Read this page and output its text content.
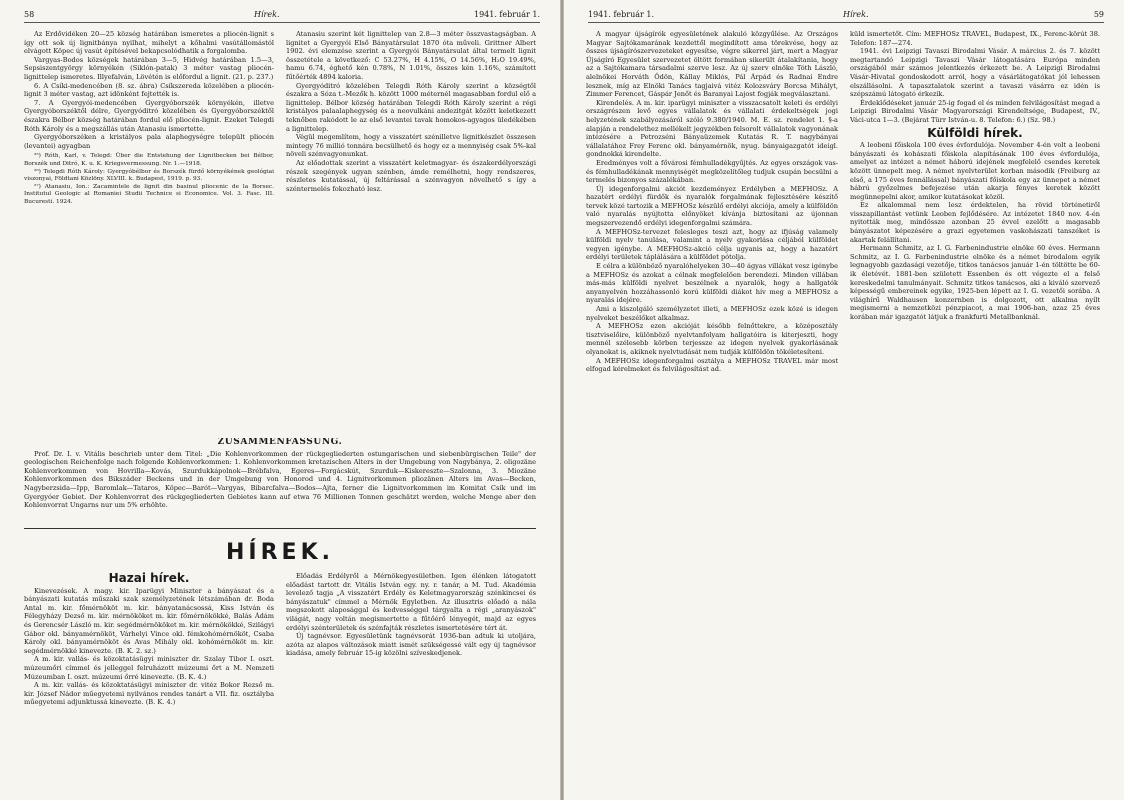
58	Hírek.	1941. február 1.

Az Erdővidéken 20—25 község határában ismeretes a pliocén-lignit s így ott sok új lignitbánya nyilhat, mihelyt a kőhalmi vasútállomástól elvágott Köpec új vasút építésével bekapcsolódhatik a forgalomba.

Vargyas-Bodos községek határában 3—5, Hidvég határában 1.5—3, Sepsiszentgyörgy környékén (Siklón-patak) 3 méter vastag pliocén-lignittelep ismeretes. Illyefalván, Lövétén is előfordul a lignit. (21. p. 237.)

6. A Csíki-medencében (8. sz. ábra) Csíkszereda közelében a pliocén-lignit 3 méter vastag, azt idönként fejtették is.

7. A Gyergyói-medencében Gyergyóborszék környékén, illetve Gyergyóborszéktől délre, Gyergyóditró közelében és Gyergyóborszéktől északra Bélbor község határában fordul elő pliocén-lignit. Ezeket Telegdi Róth Károly és a megszállás után Atanasiu ismertette.

Gyergyóborszéken a kristályos pala alaphegységre települt pliocén (levantei) agyagban

²⁵) Róth, Karl, v. Telegd: Über die Entstehung der Lignitbecken bei Bélbor, Borszék und Ditró, K. u. K. Kriegsvermessung. Nr. 1.—1918.

²⁶) Telegdi Róth Károly: Gyergyóbélbor és Borszék fürdő környékének geológiai viszonyai, Földtani Közlöny. XLVIII. k. Budapest, 1919. p. 93.

²⁷) Atanasiu, Ion.: Zacamintele de lignit din basinul pliocenic de la Borsec. Institutul Geologic al Romaniei Studii Technice si Economice. Vol. 3. Fasc. III. Bucuresti. 1924.

Atanasiu szerint két lignittelep van 2.8—3 méter összvastagságban. A lignitet a Gyergyói Első Bányatársulat 1870 óta műveli. Grittner Albert 1902. évi elemzése szerint a Gyergyói Bányatársulat által termelt lignit összetétele a következő: C 53.27%, H 4.15%, O 14.56%, H₂O 19.49%, hamu 6.74, éghető kén 0.78%, N 1.01%, összes kén 1.16%, számított fűtőérték 4894 kaloria.

Gyergyóditró közelében Telegdi Róth Károly szerint a községtől északra a Sóza t.-Mezők h. között 1000 méternél magasabban fordul elő a lignittelep. Bélbor község határában Telegdi Róth Károly szerint a régi kristályos palaalaphegység és a neovulkáni andezitgát között keletkezett teknőben rakódott le az első levantei tavak homokos-agyagos üledékében a lignittelep.

Végül megemlítem, hogy a visszatért szénilletve lignitkészlet összesen mintegy 76 millió tonnára becsülhető és hogy ez a mennyiség csak 5%-kal növeli szénvagyonunkat.

Az előadottak szerint a visszatért keletmagyar- és északerdélyországi részek szegények ugyan szénben, ámde remélhetni, hogy rendszeres, részletes kutatással, új feltárással a szénvagyon növelhető s így a széntermelés fokozható lesz.

ZUSAMMENFASSUNG.

Prof. Dr. I. v. Vitális beschrieb unter dem Titel: „Die Kohlenvorkommen der rückgegliederten ostungarischen und siebenbürgischen Teile" der geologischen Reichenfolge nach folgende Kohlenvorkommen: 1. Kohlenvorkommen kretazischen Alters in der Umgebung von Nagybánya, 2. oligozäne Kohlenvorkommen von Hovrilla—Kovás, Szurdukkápolnok—Brébfalva, Egeres—Forgácskút, Szurduk—Kiskereszte—Szalonna, 3. Miozäne Kohlenvorkommen des Bikszáder Beckens und in der Umgebung von Honorod und 4. Lignitvorkommen pliozänen Alters im Avas—Becken, Nagyberzsida—Ipp, Baromlak—Tataros, Köpec—Barót—Vargyas, Bibarcfalva—Bodos—Ajta, ferner die Lignitvorkommen im Komitat Csík und im Gyergyóer Gebiet. Der Kohlenvorrat des rückgegliederten Gebietes kann auf etwa 76 Millionen Tonnen geschätzt werden, welche Menge aber den Kohlenvorrat Ungarns nur um 5% erhöhte.

HÍREK.
Hazai hírek.

Kinevezések. A magy. kir. Iparügyi Miniszter a bányászat és a bányászati kutatás műszaki szak személyzetének létszámában dr. Boda Antal m. kir. főmérnököt m. kir. bányatanácsossá, Kiss István és Félegyházy Dezső m. kir. mérnököket m. kir. főmérnökökké, Balás Ádám és Gerencsér László m. kir. segédmérnököket m. kir. mérnökökké, Szilágyi Gábor okl. bányamérnököt, Várhelyi Vince okl. fémkohómérnököt, Csaba Károly okl. bányamérnököt és Avas Mihály okl. kohómérnököt m. kir. segédmérnökké kinevezte. (B. K. 2. sz.)

A m. kir. vallás- és közoktatásügyi miniszter dr. Szalay Tibor I. oszt. múzeumőri címmel és jelleggel felruházott múzeumi őrt a M. Nemzeti Múzeumban I. oszt. múzeumi őrré kinevezte. (B. K. 4.)

A m. kir. vallás- és közoktatásügyi miniszter dr. vitéz Bokor Rezső m. kir. József Nádor műegyetemi nyilvános rendes tanárt a VII. fiz. osztályba műegyetemi adjunktussá kinevezte. (B. K. 4.)

Előadás Erdélyről a Mérnökegyesületben. Igen élénken látogatott előadást tartott dr. Vitális István egy. ny. r. tanár, a M. Tud. Akadémia levelező tagja „A visszatért Erdély és Keletmagyarország szénkincsei és bányászatuk" címmel a Mérnök Egyletben. Az illusztris előadó a nála megszokott alaposággal és kedvességgel tárgyalta a régi „aranyászok" világát, nagy voltán megismertette a fűtőérő lényegét, majd az egyes erdélyi szénterületek és szénfajták részletes ismertetésére tért át.

Új tagnévsor. Egyesületünk tagnévsorát 1936-ban adtuk ki utoljára, azóta az alapos változások miatt ismét szükségessé vált egy új tagnévsor kiadása, amely február 15-ig közölni szíveskedjenek.

1941. február 1.	Hírek.	59

A magyar újságírók egyesületének alakuló közgyűlése. Az Országos Magyar Sajtókamarának kezdettől megindított ama törekvése, hogy az összes újságírószervezeteket egyesítse, végre sikerrel járt, mert a Magyar Újságíró Egyesület szervezetet öltött formában sikerült átalakítania, hogy az a Sajtókamara társadalmi szerve lesz. Az új szerv elnöke Tóth László, alelnökei Horváth Ödön, Kállay Miklós, Pál Árpád és Radnai Endre lesznek, míg az Elnöki Tanács tagjaivá vitéz Kolozsváry Borcsa Mihályt, Zimmer Ferencet, Gáspár Jenőt és Baranyai Lajost fogják megválasztani.

Kirendelés. A m. kir. iparügyi miniszter a visszacsatolt keleti és erdélyi országrészen levő egyes vállalatok és vállalati érdekeltségek jogi helyzetének szabályozásáról szóló 9.380/1940. M. E. sz. rendelet 1. §-a alapján a rendelethez mellékelt jegyzékben felsorolt vállalatok vagyonának intézésére a Petrozséni Bányaüzemek Kutatás R. T. nagybányai vállalatához Frey Ferenc okl. bányamérnök, nyug. bányaigazgatót ideigl. gondnokká kirendelte.

Eredményes volt a fővárosi fémhulladékgyűjtés. Az egyes országok vas- és fémhulladékának mennyiségét megközelítőleg tudjuk csupán becsülni a termelés bizonyos százalékában.

Új idegenforgalmi akciót kezdeményez Erdélyben a MEFHOSz. A hazatért erdélyi fürdők és nyaralók forgalmának fejlesztésére készítő tervek közé tartozik a MEFHOSz készülő erdélyi akciója, amely a külföldön való nyaralás nyújtotta előnyöket kívánja biztosítani az újonnan megszervezendő erdélyi idegenforgalmi számára.

A MEFHOSz-tervezet felesleges teszi azt, hogy az ifjúság valamely külföldi nyelv tanulása, valamint a nyelv gyakorlása céljából külföldet vegyen igénybe. A MEFHOSz-akció célja ugyanis az, hogy a hazatért erdélyi területek táplálására a külföldet pótolja.

E célra a különböző nyaralóhelyeken 30—40 ágyas villákat vesz igénybe a MEFHOSz és azokat a célnak megfelelően berendezi. Minden villában más-más külföldi nyelvet beszélnek a nyaralók, hogy a hallgatók anyanyelvén hozzáhassonló korú külföldi diákot hív meg a MEFHOSz a nyaralás idejére.

Ami a kiszolgáló személyzetet illeti, a MEFHOSz ezek közé is idegen nyelveket beszélőket alkalmaz.

A MEFHOSz ezen akcióját később felnőttekre, a középosztály tisztviselőire, különböző nyelvtanfolyam hallgatóira is kiterjeszti, hogy mennél szélesebb körben terjessze az idegen nyelvek gyakorlásának olyanokat is, akiknek nyelvtudását nem tudják külföldön tökéletesíteni.

A MEFHOSz idegenforgalmi osztálya a MEFHOSz TRAVEL már most elfogad kérelmeket és felvilágosítást ad.

küld ismertetőt. Cím: MEFHOSz TRAVEL, Budapest, IX., Ferenc-körút 38. Telefon: 187—274.

1941. évi Leipzigi Tavaszi Birodalmi Vásár. A március 2. és 7. között megtartandó Leipzigi Tavaszi Vásár látogatására Európa minden országából már számos jelentkezés érkezett be. A Leipzigi Birodalmi Vásár-Hivatal gondoskodott arról, hogy a vásárlátogatókat jól lehessen elszállásolni. A tapasztalatok szerint a tavaszi vásárra ez idén is szépszámú látogató érkezik.

Érdeklődéseket január 25-ig fogad el és minden felvilágosítást megad a Leipzigi Birodalmi Vásár Magyarországi Kirendeltsége, Budapest, IV., Váci-utca 1—3. (Bejárat Türr István-u. 8. Telefon: 6.) (Sz. 98.)

Külföldi hírek.

A leobeni főiskola 100 éves évfordulója. November 4-én volt a leobeni bányászati és kohászati főiskola alapításának 100 éves évfordulója, amelyet az intézet a német háború idejének megfelelő csendes keretek között ünnepelt meg. A német nyelvterület korban második (Freiburg az első, a 175 éves fennállással) bányászati főiskola egy az ünnepet a német hábrú győzelmes befejezése után akarja fényes keretek között megünnepelni akor, amikor kutatásokat közöl.

Ez alkalommal nem lesz érdektelen, ha rövid történetiről visszapillantást vetünk Leoben fejlődésére. Az intézetet 1840 nov. 4-én nyitották meg, mindössze azonban 25 évvel ezelőtt a magasabb bányászatot képezésére a grazi egyetemen vaskohászati tanszéket is akartak felállítani.

Hermann Schmitz, az I. G. Farbenindustrie elnöke 60 éves. Hermann Schmitz, az I. G. Farbenindustrie elnöke és a német birodalom egyik legnagyobb gazdasági vezetője, titkos tanácsos január 1-én töltötte be 60-ik életévét. 1881-ben született Essenben és ott végezte el a felső kereskedelmi tanulmányait. Schmitz titkos tanácsos, aki a kiváló szervező képességű embereinek egyike, 1925-ben lépett az I. G. vezetői sorába. A világhírű Waldhausen konzernben is dolgozott, ott alkalma nyílt megismerni a nemzetközi pénzpiacot, a mai 1906-ban, azaz 25 éves korában már igazgatót látjuk a frankfurti Metallbanknál.
